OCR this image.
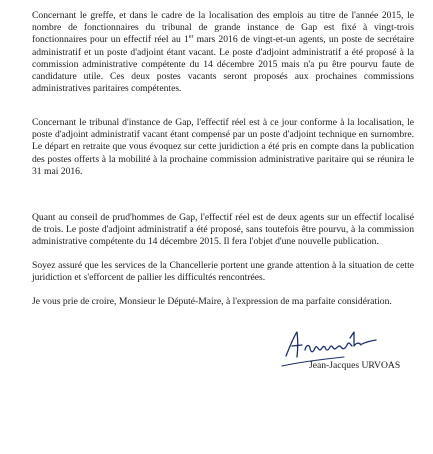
Concernant le greffe, et dans le cadre de la localisation des emplois au titre de l'année 2015, le nombre de fonctionnaires du tribunal de grande instance de Gap est fixé à vingt-trois fonctionnaires pour un effectif réel au 1er mars 2016 de vingt-et-un agents, un poste de secrétaire administratif et un poste d'adjoint étant vacant. Le poste d'adjoint administratif a été proposé à la commission administrative compétente du 14 décembre 2015 mais n'a pu être pourvu faute de candidature utile. Ces deux postes vacants seront proposés aux prochaines commissions administratives paritaires compétentes.

Concernant le tribunal d'instance de Gap, l'effectif réel est à ce jour conforme à la localisation, le poste d'adjoint administratif vacant étant compensé par un poste d'adjoint technique en surnombre. Le départ en retraite que vous évoquez sur cette juridiction a été pris en compte dans la publication des postes offerts à la mobilité à la prochaine commission administrative paritaire qui se réunira le 31 mai 2016.

Quant au conseil de prud'hommes de Gap, l'effectif réel est de deux agents sur un effectif localisé de trois. Le poste d'adjoint administratif a été proposé, sans toutefois être pourvu, à la commission administrative compétente du 14 décembre 2015. Il fera l'objet d'une nouvelle publication.

Soyez assuré que les services de la Chancellerie portent une grande attention à la situation de cette juridiction et s'efforcent de pallier les difficultés rencontrées.

Je vous prie de croire, Monsieur le Député-Maire, à l'expression de ma parfaite considération.

Jean-Jacques URVOAS
